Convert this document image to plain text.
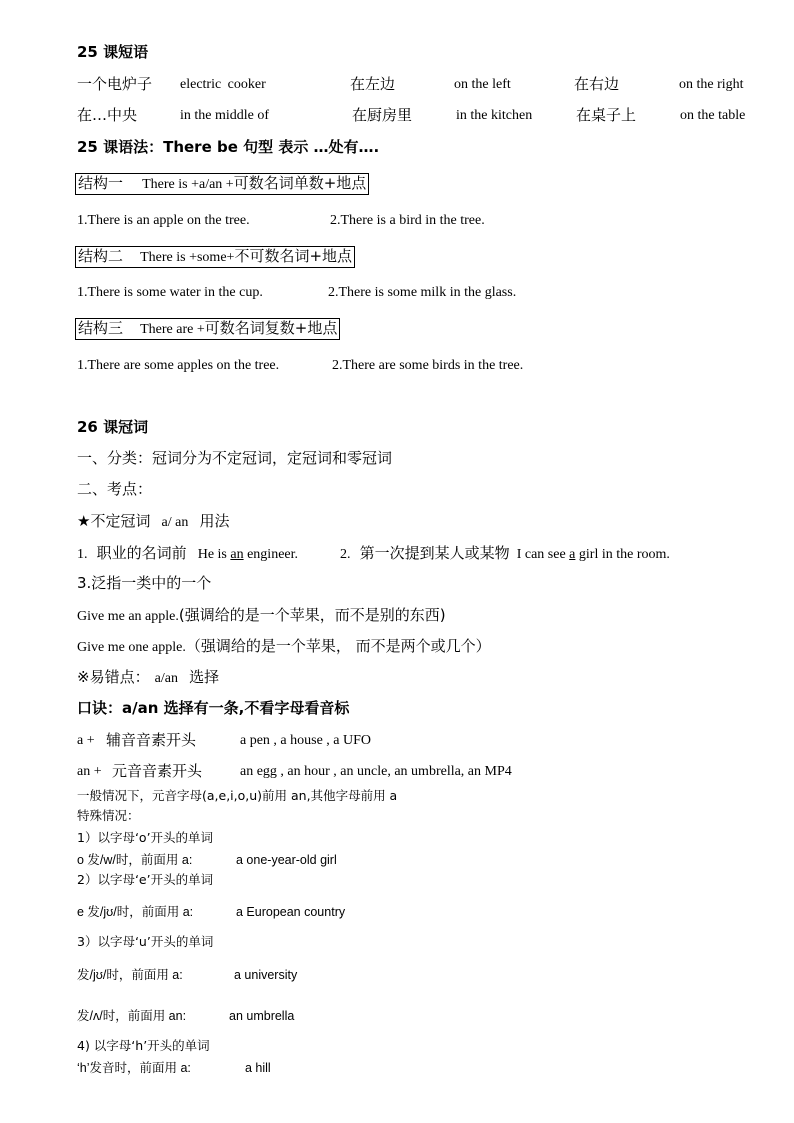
25 课短语
一个电炉子 electric cooker	在左边	on the left	在右边	on the right
在…中央	in the middle of	在厨房里	in the kitchen	在桌子上	on the table
25 课语法：There be 句型 表示 …处有….
结构一 There is +a/an +可数名词单数+地点
1.There is an apple on the tree.	2.There is a bird in the tree.
结构二 There is +some+不可数名词+地点
1.There is some water in the cup.	2.There is some milk in the glass.
结构三 There are +可数名词复数+地点
1.There are some apples on the tree.	2.There are some birds in the tree.
26 课冠词
一、分类：冠词分为不定冠词，定冠词和零冠词
二、考点：
★不定冠词 a/ an 用法
1. 职业的名词前 He is an engineer.	2. 第一次提到某人或某物 I can see a girl in the room.
3.泛指一类中的一个
Give me an apple.(强调给的是一个苹果，而不是别的东西)
Give me one apple.（强调给的是一个苹果， 而不是两个或几个）
※易错点： a/an 选择
口诀：a/an 选择有一条,不看字母看音标
a + 辅音音素开头	a pen , a house , a UFO
an + 元音音素开头	an egg , an hour , an uncle, an umbrella, an MP4
一般情况下，元音字母(a,e,i,o,u)前用 an,其他字母前用 a
特殊情况：
1）以字母‘o’开头的单词
o 发/w/时，前面用 a:	a one-year-old girl
2）以字母‘e’开头的单词
e 发/jʊ/时，前面用 a:	a European country
3）以字母‘u’开头的单词
发/jʊ/时，前面用 a:	a university
发/ʌ/时，前面用 an:	an umbrella
4) 以字母‘h’开头的单词
‘h’发音时，前面用 a:	a hill
